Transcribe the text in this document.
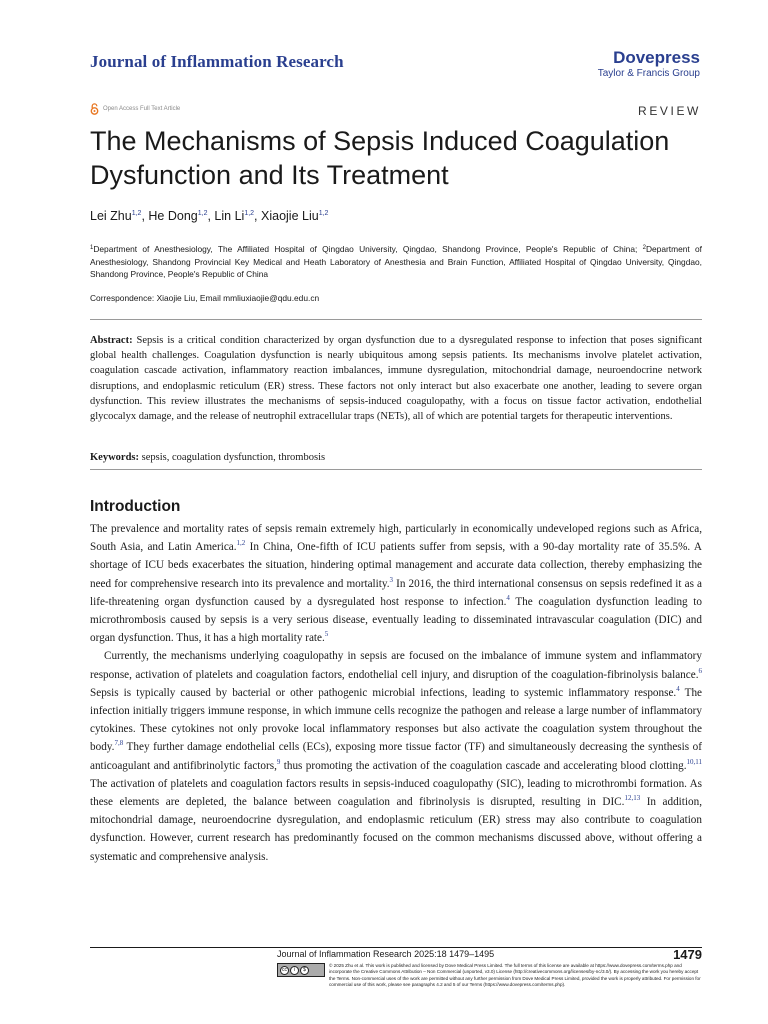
Journal of Inflammation Research	Dovepress
Taylor & Francis Group
Open Access Full Text Article	REVIEW
The Mechanisms of Sepsis Induced Coagulation Dysfunction and Its Treatment
Lei Zhu$^{1,2}$, He Dong$^{1,2}$, Lin Li$^{1,2}$, Xiaojie Liu$^{1,2}$
$^1$Department of Anesthesiology, The Affiliated Hospital of Qingdao University, Qingdao, Shandong Province, People's Republic of China; $^2$Department of Anesthesiology, Shandong Provincial Key Medical and Heath Laboratory of Anesthesia and Brain Function, Affiliated Hospital of Qingdao University, Qingdao, Shandong Province, People's Republic of China
Correspondence: Xiaojie Liu, Email mmliuxiaojie@qdu.edu.cn
Abstract: Sepsis is a critical condition characterized by organ dysfunction due to a dysregulated response to infection that poses significant global health challenges. Coagulation dysfunction is nearly ubiquitous among sepsis patients. Its mechanisms involve platelet activation, coagulation cascade activation, inflammatory reaction imbalances, immune dysregulation, mitochondrial damage, neuroendocrine network disruptions, and endoplasmic reticulum (ER) stress. These factors not only interact but also exacerbate one another, leading to severe organ dysfunction. This review illustrates the mechanisms of sepsis-induced coagulopathy, with a focus on tissue factor activation, endothelial glycocalyx damage, and the release of neutrophil extracellular traps (NETs), all of which are potential targets for therapeutic interventions.
Keywords: sepsis, coagulation dysfunction, thrombosis
Introduction

The prevalence and mortality rates of sepsis remain extremely high, particularly in economically undeveloped regions such as Africa, South Asia, and Latin America.$^{1,2}$ In China, One-fifth of ICU patients suffer from sepsis, with a 90-day mortality rate of 35.5%. A shortage of ICU beds exacerbates the situation, hindering optimal management and accurate data collection, thereby emphasizing the need for comprehensive research into its prevalence and mortality.$^3$ In 2016, the third international consensus on sepsis redefined it as a life-threatening organ dysfunction caused by a dysregulated host response to infection.$^4$ The coagulation dysfunction leading to microthrombosis caused by sepsis is a very serious disease, eventually leading to disseminated intravascular coagulation (DIC) and organ dysfunction. Thus, it has a high mortality rate.$^5$

Currently, the mechanisms underlying coagulopathy in sepsis are focused on the imbalance of immune system and inflammatory response, activation of platelets and coagulation factors, endothelial cell injury, and disruption of the coagulation-fibrinolysis balance.$^6$ Sepsis is typically caused by bacterial or other pathogenic microbial infections, leading to systemic inflammatory response.$^4$ The infection initially triggers immune response, in which immune cells recognize the pathogen and release a large number of inflammatory cytokines. These cytokines not only provoke local inflammatory responses but also activate the coagulation system throughout the body.$^{7,8}$ They further damage endothelial cells (ECs), exposing more tissue factor (TF) and simultaneously decreasing the synthesis of anticoagulant and antifibrinolytic factors,$^9$ thus promoting the activation of the coagulation cascade and accelerating blood clotting.$^{10,11}$ The activation of platelets and coagulation factors results in sepsis-induced coagulopathy (SIC), leading to microthrombi formation. As these elements are depleted, the balance between coagulation and fibrinolysis is disrupted, resulting in DIC.$^{12,13}$ In addition, mitochondrial damage, neuroendocrine dysregulation, and endoplasmic reticulum (ER) stress may also contribute to coagulation dysfunction. However, current research has predominantly focused on the common mechanisms discussed above, without offering a systematic and comprehensive analysis.

Journal of Inflammation Research 2025:18 1479–1495	1479
cc	i	$
© 2025 Zhu et al. This work is published and licensed by Dove Medical Press Limited. The full terms of this license are available at https://www.dovepress.com/terms.php and incorporate the Creative Commons Attribution – Non Commercial (unported, v3.0) License (http://creativecommons.org/licenses/by-nc/3.0/). By accessing the work you hereby accept the Terms. Non-commercial uses of the work are permitted without any further permission from Dove Medical Press Limited, provided the work is properly attributed. For permission for commercial use of this work, please see paragraphs 4.2 and 5 of our Terms (https://www.dovepress.com/terms.php).
